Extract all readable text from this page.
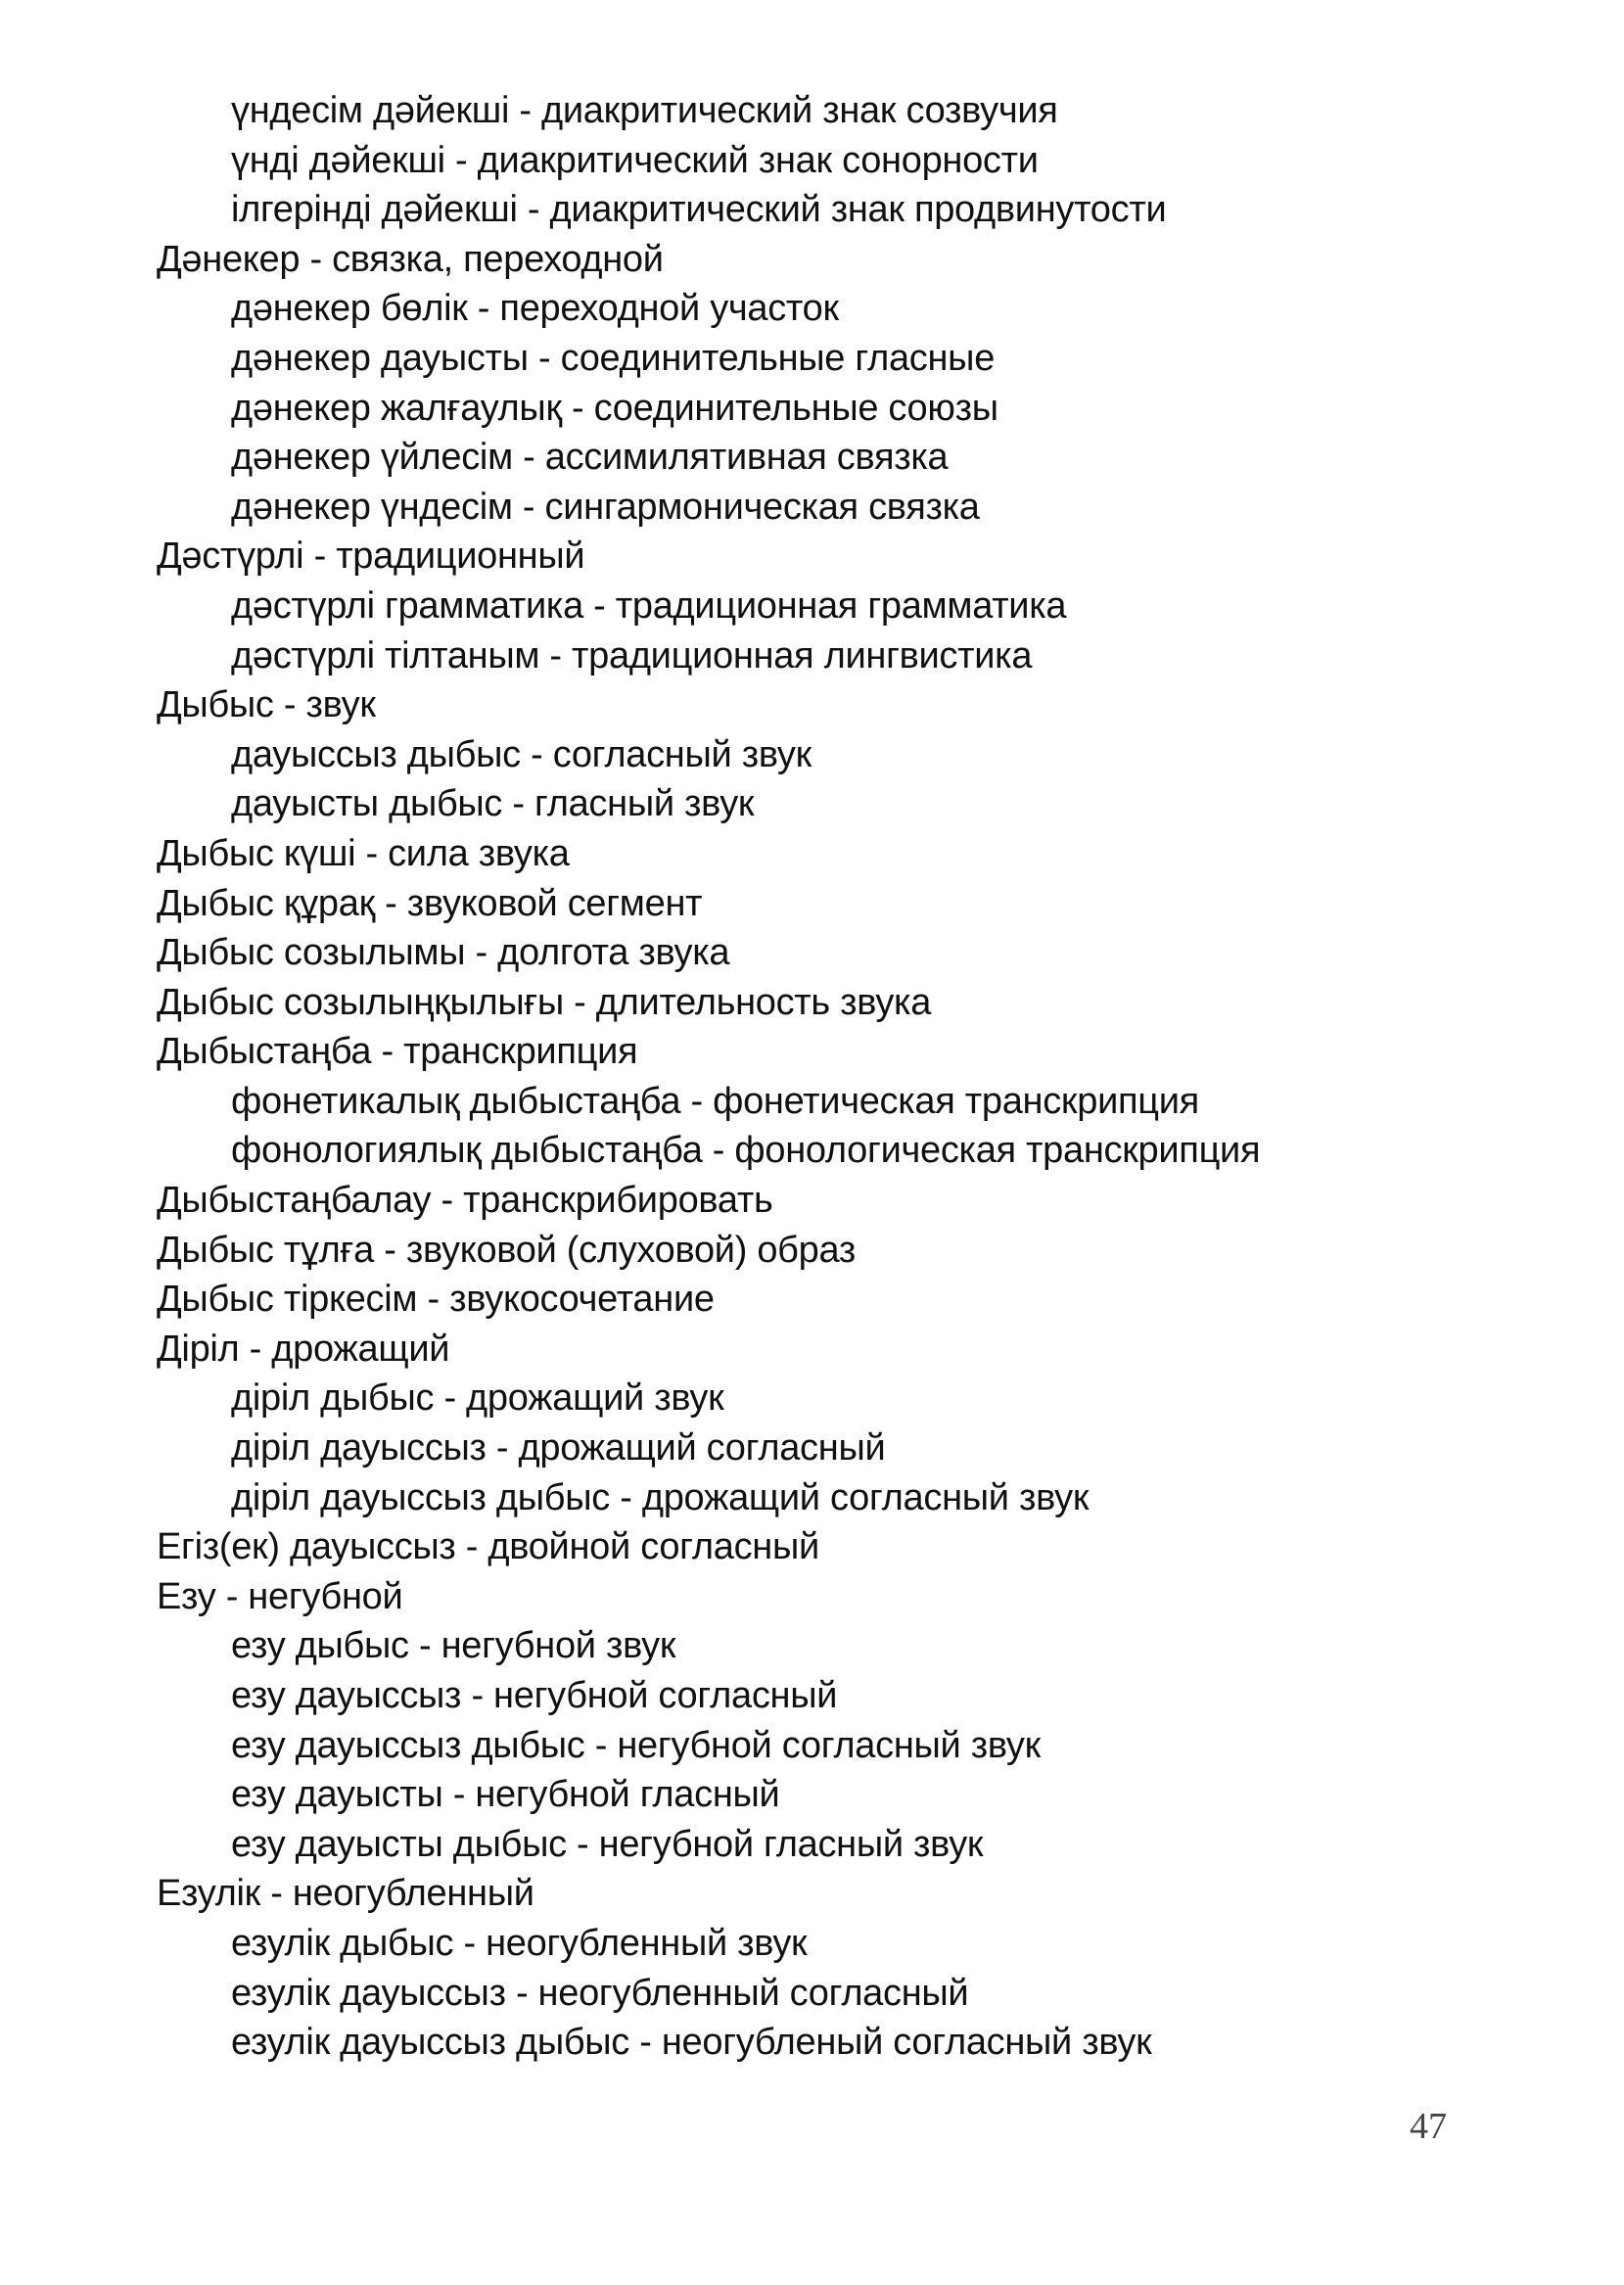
үндесім дәйекші - диакритический знак созвучия
үнді дәйекші - диакритический знак сонорности
ілгерінді дәйекші - диакритический знак продвинутости
Дәнекер - связка, переходной
дәнекер бөлік - переходной участок
дәнекер дауысты - соединительные гласные
дәнекер жалғаулық - соединительные союзы
дәнекер үйлесім - ассимилятивная связка
дәнекер үндесім - сингармоническая связка
Дәстүрлі - традиционный
дәстүрлі грамматика - традиционная грамматика
дәстүрлі тілтаным - традиционная лингвистика
Дыбыс - звук
дауыссыз дыбыс - согласный звук
дауысты дыбыс - гласный звук
Дыбыс күші - сила звука
Дыбыс құрақ - звуковой сегмент
Дыбыс созылымы - долгота звука
Дыбыс созылыңқылығы - длительность звука
Дыбыстаңба - транскрипция
фонетикалық дыбыстаңба - фонетическая транскрипция
фонологиялық дыбыстаңба - фонологическая транскрипция
Дыбыстаңбалау - транскрибировать
Дыбыс тұлға - звуковой (слуховой) образ
Дыбыс тіркесім - звукосочетание
Діріл - дрожащий
діріл дыбыс - дрожащий звук
діріл дауыссыз - дрожащий согласный
діріл дауыссыз дыбыс - дрожащий согласный звук
Егіз(ек) дауыссыз - двойной согласный
Езу - негубной
езу дыбыс - негубной звук
езу дауыссыз - негубной согласный
езу дауыссыз дыбыс - негубной согласный звук
езу дауысты - негубной гласный
езу дауысты дыбыс - негубной гласный звук
Езулік - неогубленный
езулік дыбыс - неогубленный звук
езулік дауыссыз - неогубленный согласный
езулік дауыссыз дыбыс - неогубленый согласный звук
47
